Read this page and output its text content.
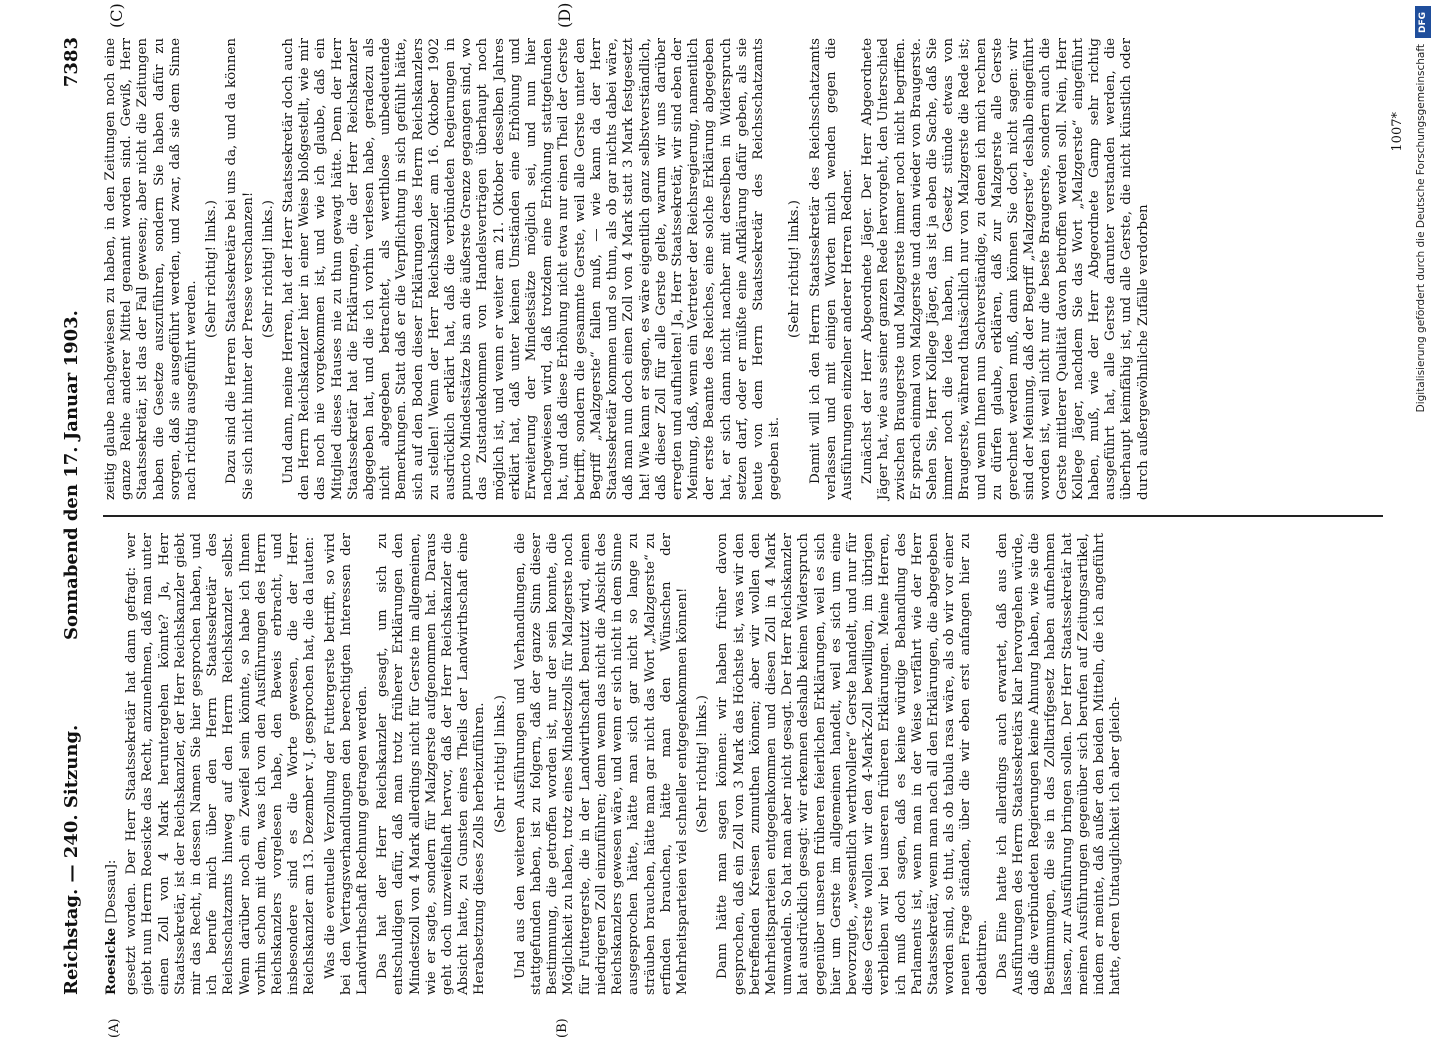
Reichstag. — 240. Sitzung.
Sonnabend den 17. Januar 1903.
7383
(A)	(B)
(C)	(D)

Roesicke [Dessau]: gesetzt worden. Der Herr Staatssekretär hat dann gefragt: wer giebt nun Herrn Roesicke das Recht, anzunehmen, daß man unter einen Zoll von 4 Mark heruntergehen könnte? Ja, Herr Staatssekretär, ist der Reichskanzler, der Herr Reichskanzler giebt mir das Recht, in dessen Namen Sie hier gesprochen haben, und ich berufe mich über den Herrn Staatssekretär des Reichsschatzamts hinweg auf den Herrn Reichskanzler selbst. Wenn darüber noch ein Zweifel sein könnte, so habe ich Ihnen vorhin schon mit dem, was ich von den Ausführungen des Herrn Reichskanzlers vorgelesen habe, den Beweis erbracht, und insbesondere sind es die Worte gewesen, die der Herr Reichskanzler am 13. Dezember v. J. gesprochen hat, die da lauten: Was die eventuelle Verzollung der Futtergerste betrifft, so wird bei den Vertragsverhandlungen den berechtigten Interessen der Landwirthschaft Rechnung getragen werden. Das hat der Herr Reichskanzler gesagt, um sich zu entschuldigen dafür, daß man trotz früherer Erklärungen den Mindestzoll von 4 Mark allerdings nicht für Gerste im allgemeinen, wie er sagte, sondern für Malzgerste aufgenommen hat. Daraus geht doch unzweifelhaft hervor, daß der Herr Reichskanzler die Absicht hatte, zu Gunsten eines Theils der Landwirthschaft eine Herabsetzung dieses Zolls herbeizuführen. (Sehr richtig! links.) Und aus den weiteren Ausführungen und Verhandlungen, die stattgefunden haben, ist zu folgern, daß der ganze Sinn dieser Bestimmung, die getroffen worden ist, nur der sein konnte, die Möglichkeit zu haben, trotz eines Mindestzolls für Malzgerste noch für Futtergerste, die in der Landwirthschaft benutzt wird, einen niedrigeren Zoll einzuführen; denn wenn das nicht die Absicht des Reichskanzlers gewesen wäre, und wenn er sich nicht in dem Sinne ausgesprochen hätte, hätte man sich gar nicht so lange zu sträuben brauchen, hätte man gar nicht das Wort „Malzgerste“ zu erfinden brauchen, hätte man den Wünschen der Mehrheitsparteien viel schneller entgegenkommen können! (Sehr richtig! links.) Dann hätte man sagen können: wir haben früher davon gesprochen, daß ein Zoll von 3 Mark das Höchste ist, was wir den betreffenden Kreisen zumuthen können; aber wir wollen den Mehrheitsparteien entgegenkommen und diesen Zoll in 4 Mark umwandeln. So hat man aber nicht gesagt. Der Herr Reichskanzler hat ausdrücklich gesagt: wir erkennen deshalb keinen Widerspruch gegenüber unseren früheren feierlichen Erklärungen, weil es sich hier um Gerste im allgemeinen handelt, weil es sich um eine bevorzugte, „wesentlich werthvollere“ Gerste handelt, und nur für diese Gerste wollen wir den 4-Mark-Zoll bewilligen, im übrigen verbleiben wir bei unseren früheren Erklärungen. Meine Herren, ich muß doch sagen, daß es keine würdige Behandlung des Parlaments ist, wenn man in der Weise verfährt wie der Herr Staatssekretär, wenn man nach all den Erklärungen, die abgegeben worden sind, so thut, als ob tabula rasa wäre, als ob wir vor einer neuen Frage ständen, über die wir eben erst anfangen hier zu debattiren. Das Eine hatte ich allerdings auch erwartet, daß aus den Ausführungen des Herrn Staatssekretärs klar hervorgehen würde, daß die verbündeten Regierungen keine Ahnung haben, wie sie die Bestimmungen, die sie in das Zolltarifgesetz haben aufnehmen lassen, zur Ausführung bringen sollen. Der Herr Staatssekretär hat meinen Ausführungen gegenüber sich berufen auf Zeitungsartikel, indem er meinte, daß außer den beiden Mitteln, die ich angeführt hatte, deren Untauglichkeit ich aber gleich-

zeitig glaube nachgewiesen zu haben, in den Zeitungen noch eine ganze Reihe anderer Mittel genannt worden sind. Gewiß, Herr Staatssekretär, ist das der Fall gewesen; aber nicht die Zeitungen haben die Gesetze auszuführen, sondern Sie haben dafür zu sorgen, daß sie ausgeführt werden, und zwar, daß sie dem Sinne nach richtig ausgeführt werden.

(Sehr richtig! links.) Dazu sind die Herren Staatssekretäre bei uns da, und da können Sie sich nicht hinter der Presse verschanzen! (Sehr richtig! links.) Und dann, meine Herren, hat der Herr Staatssekretär doch auch den Herrn Reichskanzler hier in einer Weise bloßgestellt, wie mir das noch nie vorgekommen ist, und wie ich glaube, daß ein Mitglied dieses Hauses nie zu thun gewagt hätte. Denn der Herr Staatssekretär hat die Erklärungen, die der Herr Reichskanzler abgegeben hat, und die ich vorhin verlesen habe, geradezu als nicht abgegeben betrachtet, als werthlose unbedeutende Bemerkungen. Statt daß er die Verpflichtung in sich gefühlt hätte, sich auf den Boden dieser Erklärungen des Herrn Reichskanzlers zu stellen! Wenn der Herr Reichskanzler am 16. Oktober 1902 ausdrücklich erklärt hat, daß die verbündeten Regierungen in puncto Mindestsätze bis an die äußerste Grenze gegangen sind, wo das Zustandekommen von Handelsverträgen überhaupt noch möglich ist, und wenn er weiter am 21. Oktober desselben Jahres erklärt hat, daß unter keinen Umständen eine Erhöhung und Erweiterung der Mindestsätze möglich sei, und nun hier nachgewiesen wird, daß trotzdem eine Erhöhung stattgefunden hat, und daß diese Erhöhung nicht etwa nur einen Theil der Gerste betrifft, sondern die gesammte Gerste, weil alle Gerste unter den Begriff „Malzgerste“ fallen muß, — wie kann da der Herr Staatssekretär kommen und so thun, als ob gar nichts dabei wäre, daß man nun doch einen Zoll von 4 Mark statt 3 Mark festgesetzt hat! Wie kann er sagen, es wäre eigentlich ganz selbstverständlich, daß dieser Zoll für alle Gerste gelte, warum wir uns darüber erregten und aufhielten! Ja, Herr Staatssekretär, wir sind eben der Meinung, daß, wenn ein Vertreter der Reichsregierung, namentlich der erste Beamte des Reiches, eine solche Erklärung abgegeben hat, er sich dann nicht nachher mit derselben in Widerspruch setzen darf, oder er müßte eine Aufklärung dafür geben, als sie heute von dem Herrn Staatssekretär des Reichsschatzamts gegeben ist.

(Sehr richtig! links.) Damit will ich den Herrn Staatssekretär des Reichsschatzamts verlassen und mit einigen Worten mich wenden gegen die Ausführungen einzelner anderer Herren Redner. Zunächst der Herr Abgeordnete Jäger. Der Herr Abgeordnete Jäger hat, wie aus seiner ganzen Rede hervorgeht, den Unterschied zwischen Braugerste und Malzgerste immer noch nicht begriffen. Er sprach einmal von Malzgerste und dann wieder von Braugerste. Sehen Sie, Herr Kollege Jäger, das ist ja eben die Sache, daß Sie immer noch die Idee haben, im Gesetz stünde etwas von Braugerste, während thatsächlich nur von Malzgerste die Rede ist; und wenn Ihnen nun Sachverständige, zu denen ich mich rechnen zu dürfen glaube, erklären, daß zur Malzgerste alle Gerste gerechnet werden muß, dann können Sie doch nicht sagen: wir sind der Meinung, daß der Begriff „Malzgerste“ deshalb eingeführt worden ist, weil nicht nur die beste Braugerste, sondern auch die Gerste mittlerer Qualität davon betroffen werden soll. Nein, Herr Kollege Jäger, nachdem Sie das Wort „Malzgerste“ eingeführt haben, muß, wie der Herr Abgeordnete Gamp sehr richtig ausgeführt hat, alle Gerste darunter verstanden werden, die überhaupt keimfähig ist, und alle Gerste, die nicht künstlich oder durch außergewöhnliche Zufälle verdorben

1007*
DFG
Digitalisierung gefördert durch die Deutsche Forschungsgemeinschaft
